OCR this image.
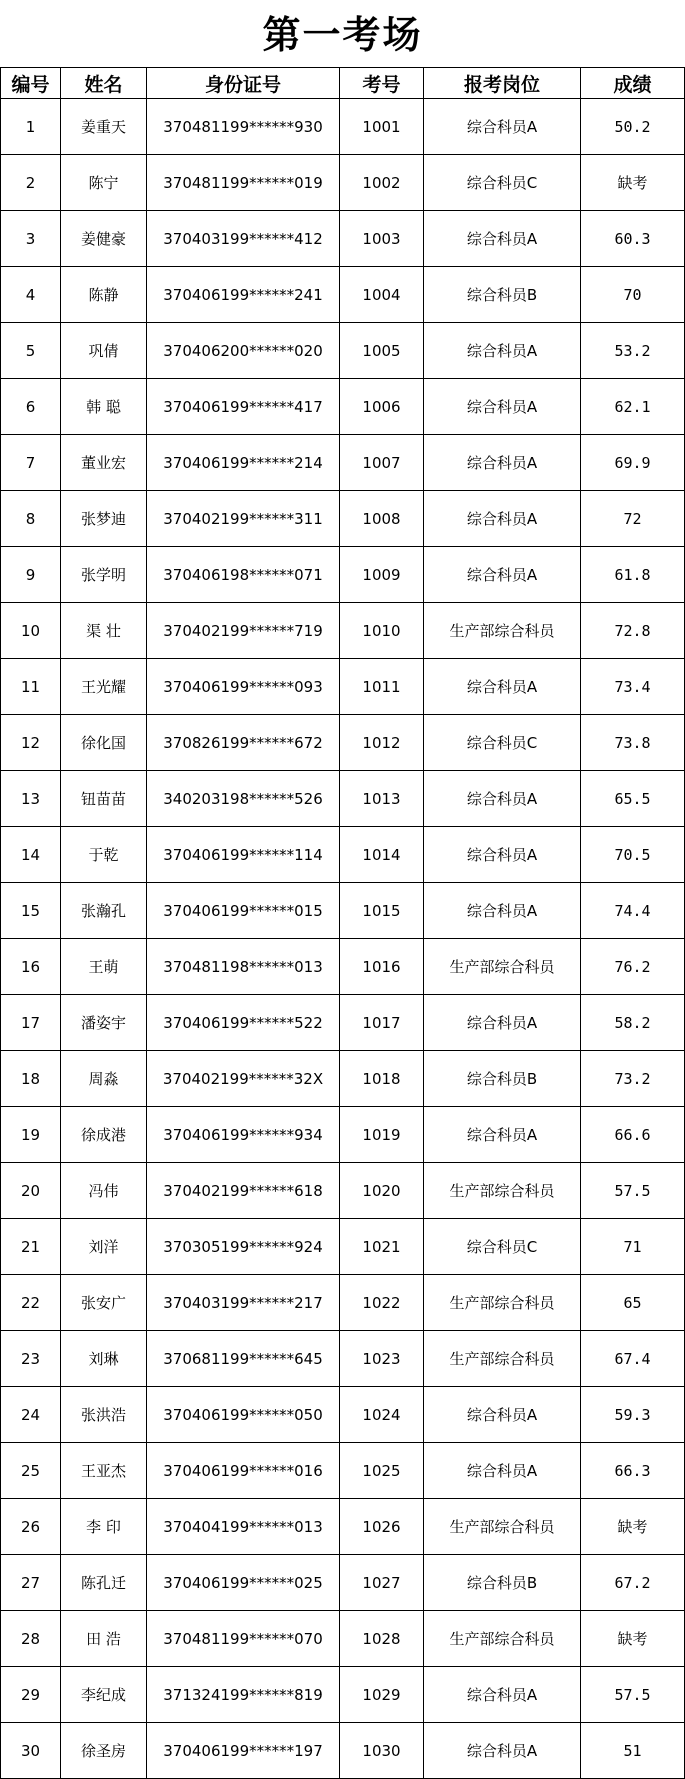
第一考场
编号	姓名	身份证号	考号	报考岗位	成绩
1	姜重天	370481199******930	1001	综合科员A	50.2
2	陈宁	370481199******019	1002	综合科员C	缺考
3	姜健豪	370403199******412	1003	综合科员A	60.3
4	陈静	370406199******241	1004	综合科员B	70
5	巩倩	370406200******020	1005	综合科员A	53.2
6	韩 聪	370406199******417	1006	综合科员A	62.1
7	董业宏	370406199******214	1007	综合科员A	69.9
8	张梦迪	370402199******311	1008	综合科员A	72
9	张学明	370406198******071	1009	综合科员A	61.8
10	渠 壮	370402199******719	1010	生产部综合科员	72.8
11	王光耀	370406199******093	1011	综合科员A	73.4
12	徐化国	370826199******672	1012	综合科员C	73.8
13	钮苗苗	340203198******526	1013	综合科员A	65.5
14	于乾	370406199******114	1014	综合科员A	70.5
15	张瀚孔	370406199******015	1015	综合科员A	74.4
16	王萌	370481198******013	1016	生产部综合科员	76.2
17	潘姿宇	370406199******522	1017	综合科员A	58.2
18	周淼	370402199******32X	1018	综合科员B	73.2
19	徐成港	370406199******934	1019	综合科员A	66.6
20	冯伟	370402199******618	1020	生产部综合科员	57.5
21	刘洋	370305199******924	1021	综合科员C	71
22	张安广	370403199******217	1022	生产部综合科员	65
23	刘琳	370681199******645	1023	生产部综合科员	67.4
24	张洪浩	370406199******050	1024	综合科员A	59.3
25	王亚杰	370406199******016	1025	综合科员A	66.3
26	李 印	370404199******013	1026	生产部综合科员	缺考
27	陈孔迁	370406199******025	1027	综合科员B	67.2
28	田 浩	370481199******070	1028	生产部综合科员	缺考
29	李纪成	371324199******819	1029	综合科员A	57.5
30	徐圣房	370406199******197	1030	综合科员A	51
